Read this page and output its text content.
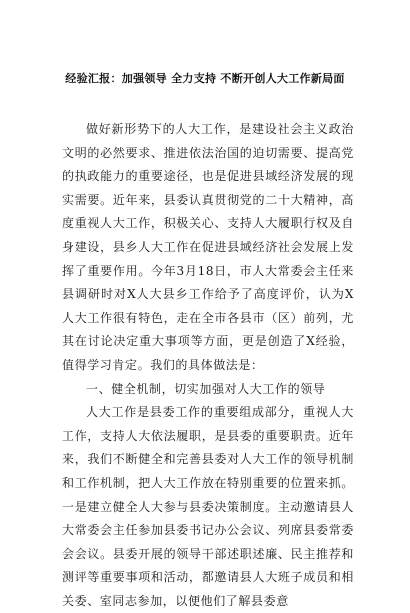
经验汇报：加强领导 全力支持 不断开创人大工作新局面

做好新形势下的人大工作，是建设社会主义政治文明的必然要求、推进依法治国的迫切需要、提高党的执政能力的重要途径，也是促进县域经济发展的现实需要。近年来，县委认真贯彻党的二十大精神，高度重视人大工作，积极关心、支持人大履职行权及自身建设，县乡人大工作在促进县域经济社会发展上发挥了重要作用。今年3月18日，市人大常委会主任来县调研时对X人大县乡工作给予了高度评价，认为X人大工作很有特色，走在全市各县市（区）前列，尤其在讨论决定重大事项等方面，更是创造了X经验，值得学习肯定。我们的具体做法是：

一、健全机制，切实加强对人大工作的领导

人大工作是县委工作的重要组成部分，重视人大工作，支持人大依法履职，是县委的重要职责。近年来，我们不断健全和完善县委对人大工作的领导机制和工作机制，把人大工作放在特别重要的位置来抓。一是建立健全人大参与县委决策制度。主动邀请县人大常委会主任参加县委书记办公会议、列席县委常委会会议。县委开展的领导干部述职述廉、民主推荐和测评等重要事项和活动，都邀请县人大班子成员和相关委、室同志参加，以便他们了解县委意
